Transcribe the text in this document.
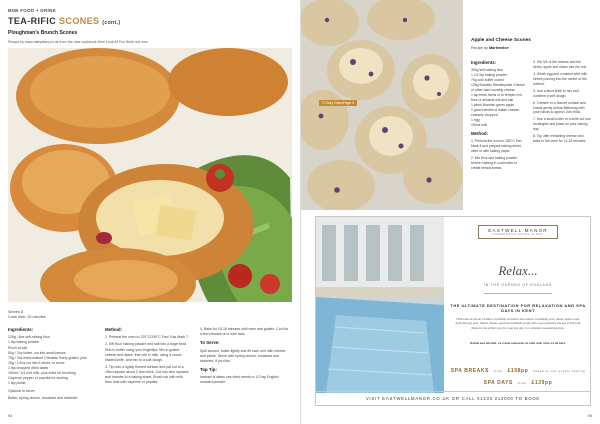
BNB FOOD + DRINK
TEA-RIFIC SCONES (cont.)
Ploughman's Brunch Scones
Recipe by www.dairydiary.co.uk from the new cookbook New Look Af Our Work out now
Serves 8
Cook time: 25 minutes
Ingredients:
225g / 8oz self-raising flour
1 tsp baking powder
Pinch of salt
50g / 2oz butter, cut into small pieces
75g / 3oz extra-mature Cheddar, finely grated, plus 15g / 1/2oz cut into 6 slices, to serve
1 tsp chopped dried dates
150ml / 1/4 pint milk, plus extra for brushing
Cayenne pepper or paprika for dusting
1 tsp pickle

Optional to serve:

Butter, spring onions, tomatoes and radishes

Method:

1. Preheat the oven to 220°C/200°C Fan/ Gas Mark 7.

2. Sift flour, baking powder and salt into a large bowl. Rub in butter using your fingertips. Mix in grated cheese and dates, then stir in milk, using a round-bladed knife, and mix to a soft dough.

3. Tip onto a lightly floured surface and pat out to a 18cm square about 2.5cm thick. Cut into nine squares and transfer to a baking sheet. Brush top with milk, then dust with cayenne or paprika.

4. Bake for 15-18 minutes until risen and golden. Cool for a few minutes on a wire rack.

To Serve:

Split scones, butter lightly and fill each one with cheese and pickle. Serve with spring onions, tomatoes and radishes, if you like.

Top Tip:

Instead of dates use dried seeds or 1/2 tsp English mustard powder.

94
© Dairy Diary/Page 3
Apple and Cheese Scones
Recipe by Marlenelee
Ingredients:
300g self-raising flour
1 1/2 tsp baking powder
75g cold butter cubed
125g Bramley Wensleydale Cheese or other hard crumbly cheese
1 tsp fresh herbs or to temper rich flour or sesame oils and salt
1 pinch Bramish green apple
1 good handful of Italian cheese, coarsely chopped
1 egg
150ml milk
Method:

1. Preheat the oven to 180°C Fan Mark 4 and prepare baking sheet - oiled or with baking paper.

2. Mix flour and baking powder before rubbing in cold butter to create breadcrumbs.

3. Stir 3/4 of the cheese and the herbs, apple and olives into the mix.

4. Whisk egg and combine with milk before pouring into the centre of the mixture.

5. Use a blunt knife to mix and combine a soft dough.

6. Transfer to a floured surface and knead gently before flattening with your hands to approx 2cm thick.

7. Use a small cutter or a knife cut into rectangles and place on your baking tray.

8. Top with remaining cheese and bake in the oven for 12-15 minutes.

EASTWELL MANOR
CHAMPNEYS HOTEL & SPA
Relax...
IN THE GARDEN OF ENGLAND
THE ULTIMATE DESTINATION FOR RELAXATION AND SPA DAYS IN KENT
With state-of-the-art facilities, including an indoor and outdoor swimming pool, sauna, steam room, hydrotherapy pool, fitness classes, spacious treatment rooms and a spa restaurant, the spa at Eastwell Manor is the perfect spot for your spa day or a complete weekend getaway.
Refuel and unwind, we create memories of calm with what we do here.
SPA BREAKS from £198pp based on two guests sharing
SPA DAYS from £139pp
VISIT EASTWELLMANOR.CO.UK OR CALL 01233 213000 TO BOOK
95
